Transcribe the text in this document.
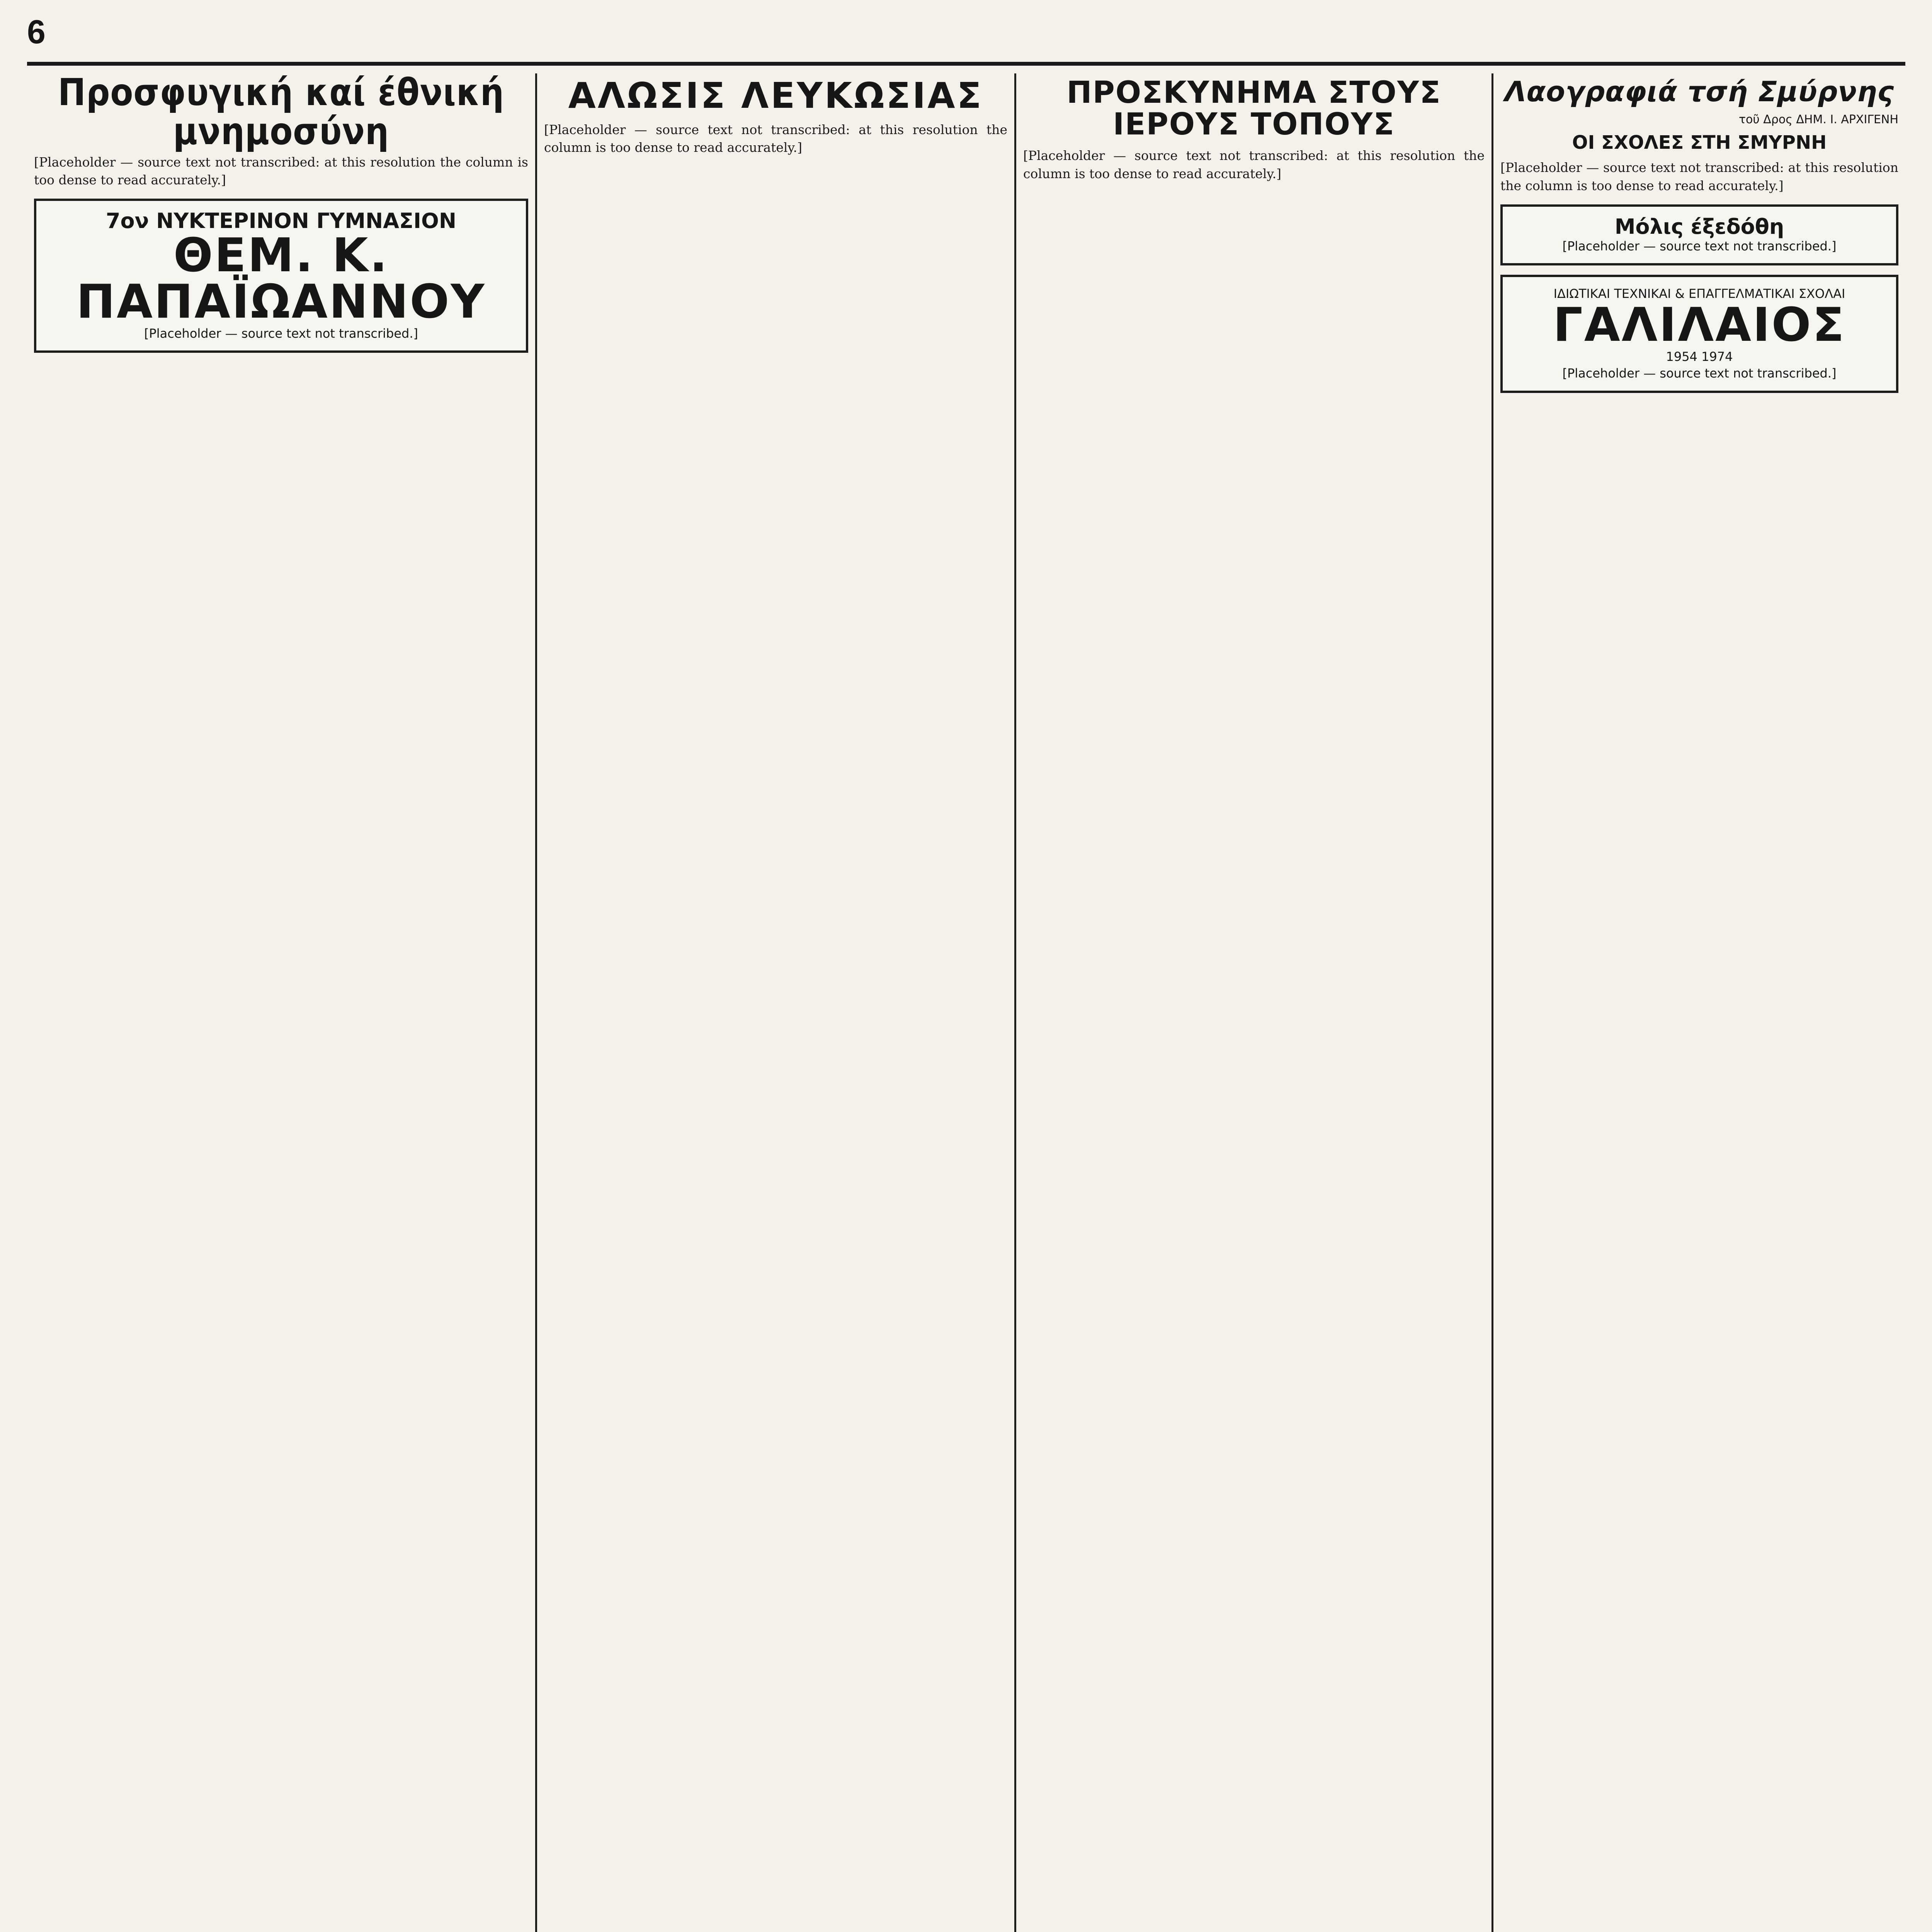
6
Προσφυγική καί έθνική μνημοσύνη
[Placeholder — source text not transcribed: at this resolution the column is too dense to read accurately.]
7ον ΝΥΚΤΕΡΙΝΟΝ ΓΥΜΝΑΣΙΟΝ
ΘΕΜ. Κ. ΠΑΠΑΪΩΑΝΝΟΥ
[Placeholder — source text not transcribed.]
ΑΛΩΣΙΣ ΛΕΥΚΩΣΙΑΣ
[Placeholder — source text not transcribed: at this resolution the column is too dense to read accurately.]
ΠΡΟΣΚΥΝΗΜΑ ΣΤΟΥΣ ΙΕΡΟΥΣ ΤΟΠΟΥΣ
[Placeholder — source text not transcribed: at this resolution the column is too dense to read accurately.]
Λαογραφιά τσή Σμύρνης
τοῦ Δρος ΔΗΜ. Ι. ΑΡΧΙΓΕΝΗ
ΟΙ ΣΧΟΛΕΣ ΣΤΗ ΣΜΥΡΝΗ
[Placeholder — source text not transcribed: at this resolution the column is too dense to read accurately.]
Μόλις έξεδόθη
[Placeholder — source text not transcribed.]
ΙΔΙΩΤΙΚΑΙ ΤΕΧΝΙΚΑΙ & ΕΠΑΓΓΕΛΜΑΤΙΚΑΙ ΣΧΟΛΑΙ
ΓΑΛΙΛΑΙΟΣ
1954 1974
[Placeholder — source text not transcribed.]
